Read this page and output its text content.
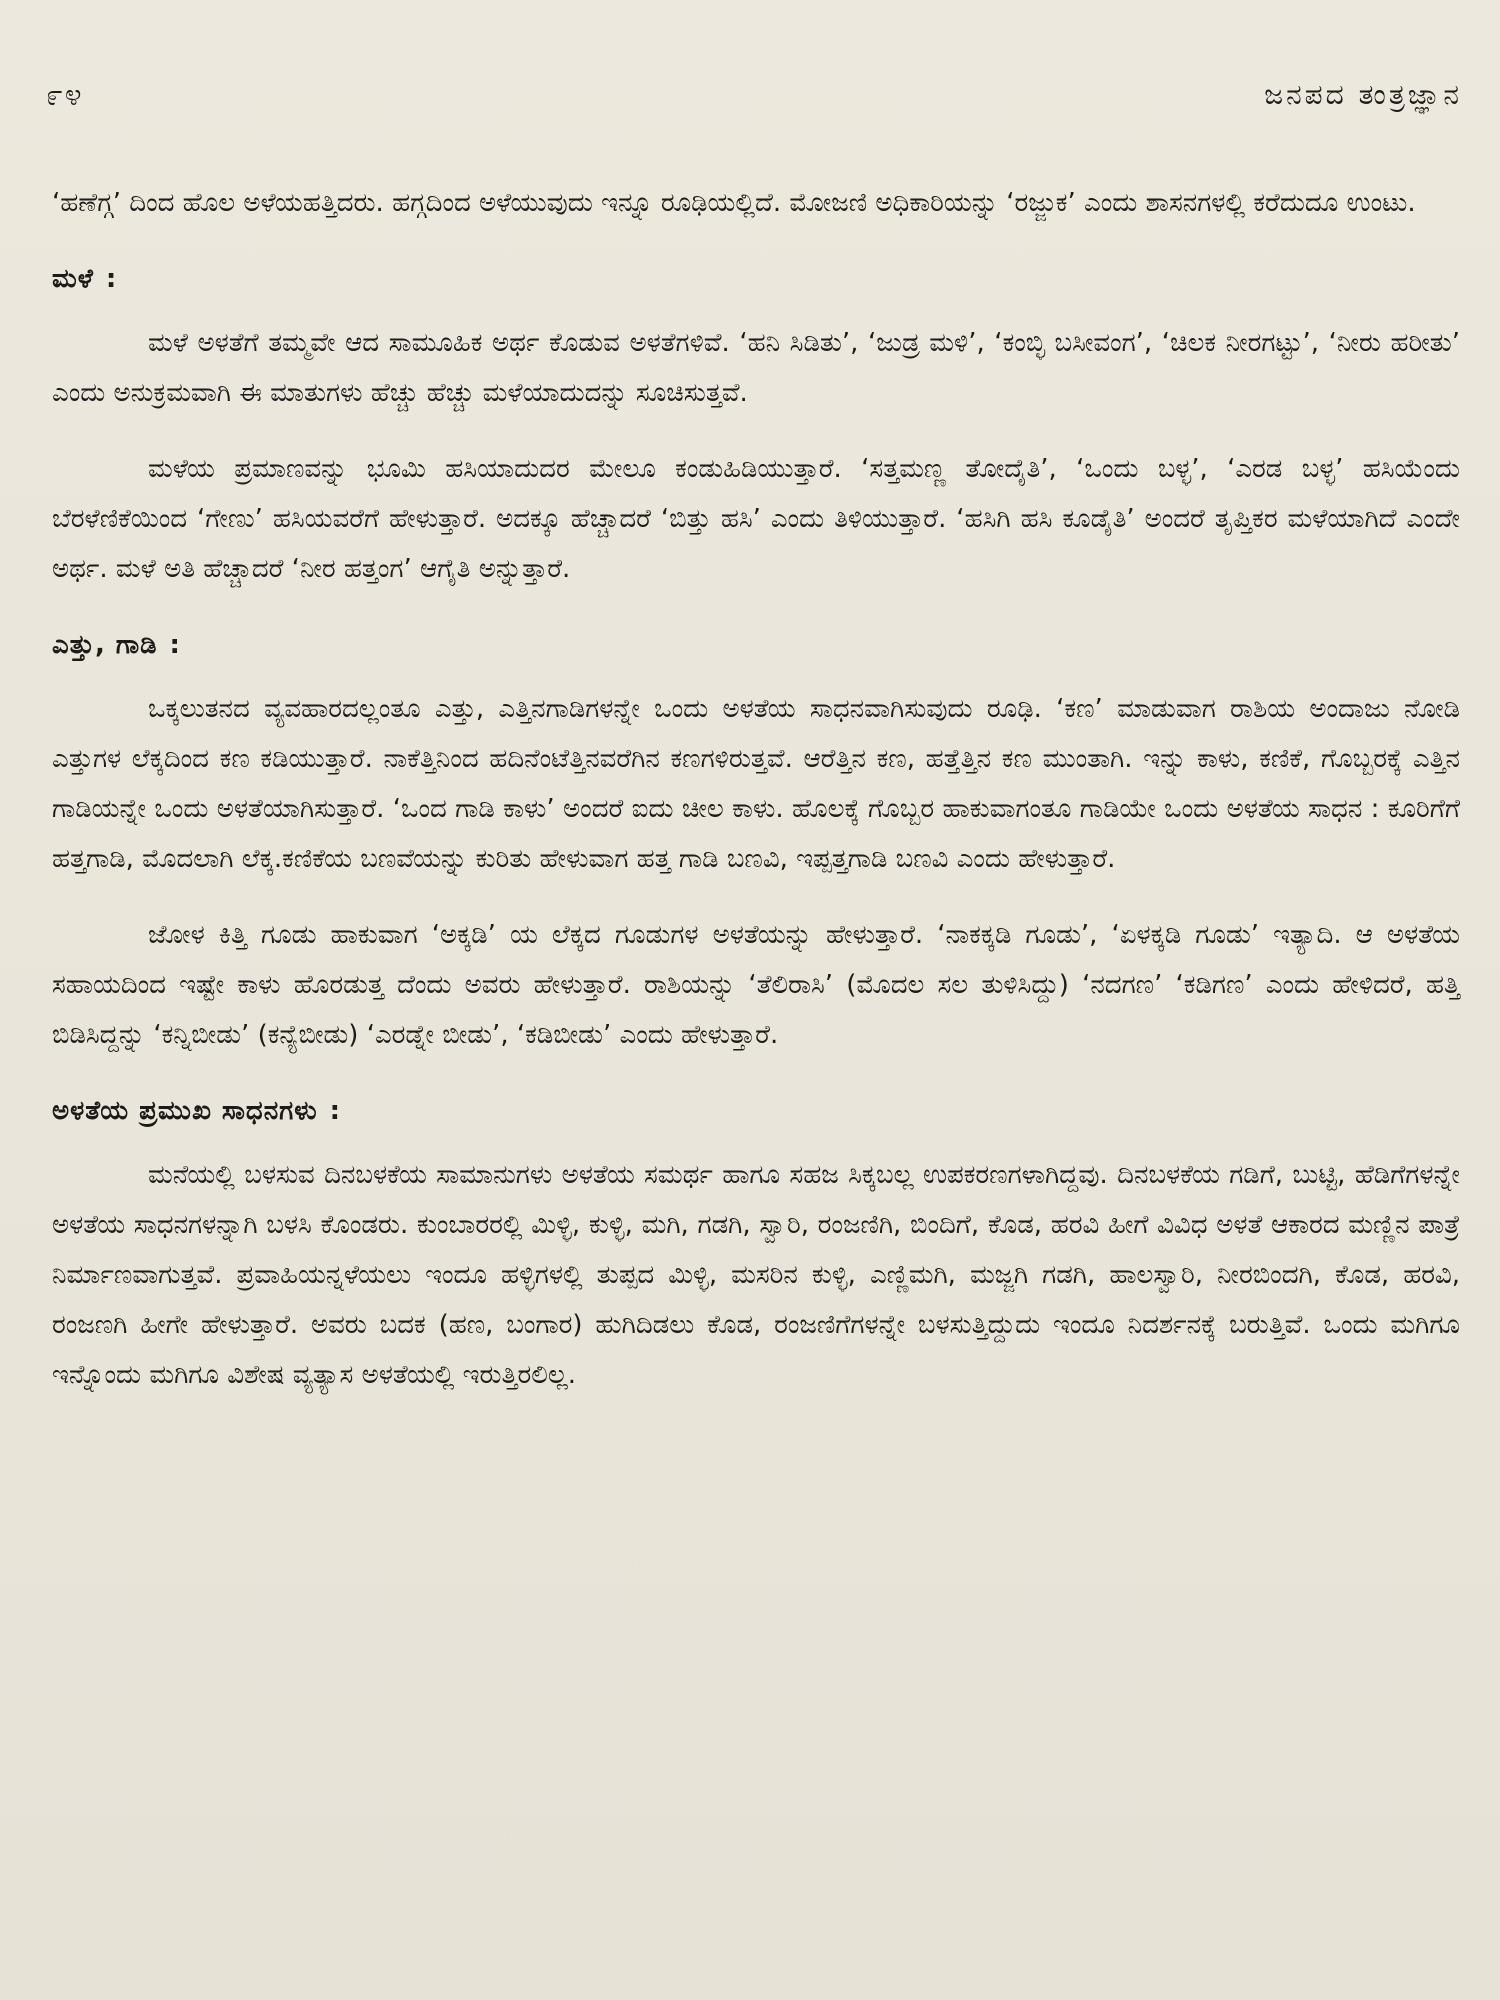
೯೪	ಜನಪದ ತಂತ್ರಜ್ಞಾನ

‘ಹಣೆಗ್ಗ’ ದಿಂದ ಹೊಲ ಅಳೆಯಹತ್ತಿದರು. ಹಗ್ಗದಿಂದ ಅಳೆಯುವುದು ಇನ್ನೂ ರೂಢಿಯಲ್ಲಿದೆ. ಮೋಜಣಿ ಅಧಿಕಾರಿಯನ್ನು ‘ರಜ್ಜುಕ’ ಎಂದು ಶಾಸನಗಳಲ್ಲಿ ಕರೆದುದೂ ಉಂಟು.

ಮಳೆ :

ಮಳೆ ಅಳತೆಗೆ ತಮ್ಮವೇ ಆದ ಸಾಮೂಹಿಕ ಅರ್ಥ ಕೊಡುವ ಅಳತೆಗಳಿವೆ. ‘ಹನಿ ಸಿಡಿತು’, ‘ಜುಡ್ರ ಮಳಿ’, ‘ಕಂಬ್ಳಿ ಬಸೀವಂಗ’, ‘ಚಿಲಕ ನೀರಗಟ್ಟು’, ‘ನೀರು ಹರೀತು’ ಎಂದು ಅನುಕ್ರಮವಾಗಿ ಈ ಮಾತುಗಳು ಹೆಚ್ಚು ಹೆಚ್ಚು ಮಳೆಯಾದುದನ್ನು ಸೂಚಿಸುತ್ತವೆ.

ಮಳೆಯ ಪ್ರಮಾಣವನ್ನು ಭೂಮಿ ಹಸಿಯಾದುದರ ಮೇಲೂ ಕಂಡುಹಿಡಿಯುತ್ತಾರೆ. ‘ಸತ್ತಮಣ್ಣ ತೋದೈತಿ’, ‘ಒಂದು ಬಳ್ಳ’, ‘ಎರಡ ಬಳ್ಳ’ ಹಸಿಯೆಂದು ಬೆರಳೆಣಿಕೆಯಿಂದ ‘ಗೇಣು’ ಹಸಿಯವರೆಗೆ ಹೇಳುತ್ತಾರೆ. ಅದಕ್ಕೂ ಹೆಚ್ಚಾದರೆ ‘ಬಿತ್ತು ಹಸಿ’ ಎಂದು ತಿಳಿಯುತ್ತಾರೆ. ‘ಹಸಿಗಿ ಹಸಿ ಕೂಡೈತಿ’ ಅಂದರೆ ತೃಪ್ತಿಕರ ಮಳೆಯಾಗಿದೆ ಎಂದೇ ಅರ್ಥ. ಮಳೆ ಅತಿ ಹೆಚ್ಚಾದರೆ ‘ನೀರ ಹತ್ತಂಗ’ ಆಗೈತಿ ಅನ್ನುತ್ತಾರೆ.

ಎತ್ತು, ಗಾಡಿ :

ಒಕ್ಕಲುತನದ ವ್ಯವಹಾರದಲ್ಲಂತೂ ಎತ್ತು, ಎತ್ತಿನಗಾಡಿಗಳನ್ನೇ ಒಂದು ಅಳತೆಯ ಸಾಧನವಾಗಿಸುವುದು ರೂಢಿ. ‘ಕಣ’ ಮಾಡುವಾಗ ರಾಶಿಯ ಅಂದಾಜು ನೋಡಿ ಎತ್ತುಗಳ ಲೆಕ್ಕದಿಂದ ಕಣ ಕಡಿಯುತ್ತಾರೆ. ನಾಕೆತ್ತಿನಿಂದ ಹದಿನೆಂಟೆತ್ತಿನವರೆಗಿನ ಕಣಗಳಿರುತ್ತವೆ. ಆರೆತ್ತಿನ ಕಣ, ಹತ್ತೆತ್ತಿನ ಕಣ ಮುಂತಾಗಿ. ಇನ್ನು ಕಾಳು, ಕಣಿಕೆ, ಗೊಬ್ಬರಕ್ಕೆ ಎತ್ತಿನ ಗಾಡಿಯನ್ನೇ ಒಂದು ಅಳತೆಯಾಗಿಸುತ್ತಾರೆ. ‘ಒಂದ ಗಾಡಿ ಕಾಳು’ ಅಂದರೆ ಐದು ಚೀಲ ಕಾಳು. ಹೊಲಕ್ಕೆ ಗೊಬ್ಬರ ಹಾಕುವಾಗಂತೂ ಗಾಡಿಯೇ ಒಂದು ಅಳತೆಯ ಸಾಧನ : ಕೂರಿಗೆಗೆ ಹತ್ತಗಾಡಿ, ಮೊದಲಾಗಿ ಲೆಕ್ಕ.ಕಣಿಕೆಯ ಬಣವೆಯನ್ನು ಕುರಿತು ಹೇಳುವಾಗ ಹತ್ತ ಗಾಡಿ ಬಣವಿ, ಇಪ್ಪತ್ತಗಾಡಿ ಬಣವಿ ಎಂದು ಹೇಳುತ್ತಾರೆ.

ಜೋಳ ಕಿತ್ತಿ ಗೂಡು ಹಾಕುವಾಗ ‘ಅಕ್ಕಡಿ’ ಯ ಲೆಕ್ಕದ ಗೂಡುಗಳ ಅಳತೆಯನ್ನು ಹೇಳುತ್ತಾರೆ. ‘ನಾಕಕ್ಕಡಿ ಗೂಡು’, ‘ಏಳಕ್ಕಡಿ ಗೂಡು’ ಇತ್ಯಾದಿ. ಆ ಅಳತೆಯ ಸಹಾಯದಿಂದ ಇಷ್ಟೇ ಕಾಳು ಹೊರಡುತ್ತ ದೆಂದು ಅವರು ಹೇಳುತ್ತಾರೆ. ರಾಶಿಯನ್ನು ‘ತೆಲಿರಾಸಿ’ (ಮೊದಲ ಸಲ ತುಳಿಸಿದ್ದು) ‘ನದಗಣ’ ‘ಕಡಿಗಣ’ ಎಂದು ಹೇಳಿದರೆ, ಹತ್ತಿ ಬಿಡಿಸಿದ್ದನ್ನು ‘ಕನ್ನಿಬೀಡು’ (ಕನ್ಯೆಬೀಡು) ‘ಎರಡ್ನೇ ಬೀಡು’, ‘ಕಡಿಬೀಡು’ ಎಂದು ಹೇಳುತ್ತಾರೆ.

ಅಳತೆಯ ಪ್ರಮುಖ ಸಾಧನಗಳು :

ಮನೆಯಲ್ಲಿ ಬಳಸುವ ದಿನಬಳಕೆಯ ಸಾಮಾನುಗಳು ಅಳತೆಯ ಸಮರ್ಥ ಹಾಗೂ ಸಹಜ ಸಿಕ್ಕಬಲ್ಲ ಉಪಕರಣಗಳಾಗಿದ್ದವು. ದಿನಬಳಕೆಯ ಗಡಿಗೆ, ಬುಟ್ಟಿ, ಹೆಡಿಗೆಗಳನ್ನೇ ಅಳತೆಯ ಸಾಧನಗಳನ್ನಾಗಿ ಬಳಸಿ ಕೊಂಡರು. ಕುಂಬಾರರಲ್ಲಿ ಮಿಳ್ಳಿ, ಕುಳ್ಳಿ, ಮಗಿ, ಗಡಗಿ, ಸ್ವಾರಿ, ರಂಜಣಿಗಿ, ಬಿಂದಿಗೆ, ಕೊಡ, ಹರವಿ ಹೀಗೆ ವಿವಿಧ ಅಳತೆ ಆಕಾರದ ಮಣ್ಣಿನ ಪಾತ್ರೆ ನಿರ್ಮಾಣವಾಗುತ್ತವೆ. ಪ್ರವಾಹಿಯನ್ನಳೆಯಲು ಇಂದೂ ಹಳ್ಳಿಗಳಲ್ಲಿ ತುಪ್ಪದ ಮಿಳ್ಳಿ, ಮಸರಿನ ಕುಳ್ಳಿ, ಎಣ್ಣಿಮಗಿ, ಮಜ್ಜಗಿ ಗಡಗಿ, ಹಾಲಸ್ವಾರಿ, ನೀರಬಿಂದಗಿ, ಕೊಡ, ಹರವಿ, ರಂಜಣಗಿ ಹೀಗೇ ಹೇಳುತ್ತಾರೆ. ಅವರು ಬದಕ (ಹಣ, ಬಂಗಾರ) ಹುಗಿದಿಡಲು ಕೊಡ, ರಂಜಣಿಗೆಗಳನ್ನೇ ಬಳಸುತ್ತಿದ್ದುದು ಇಂದೂ ನಿದರ್ಶನಕ್ಕೆ ಬರುತ್ತಿವೆ. ಒಂದು ಮಗಿಗೂ ಇನ್ನೊಂದು ಮಗಿಗೂ ವಿಶೇಷ ವ್ಯತ್ಯಾಸ ಅಳತೆಯಲ್ಲಿ ಇರುತ್ತಿರಲಿಲ್ಲ.
